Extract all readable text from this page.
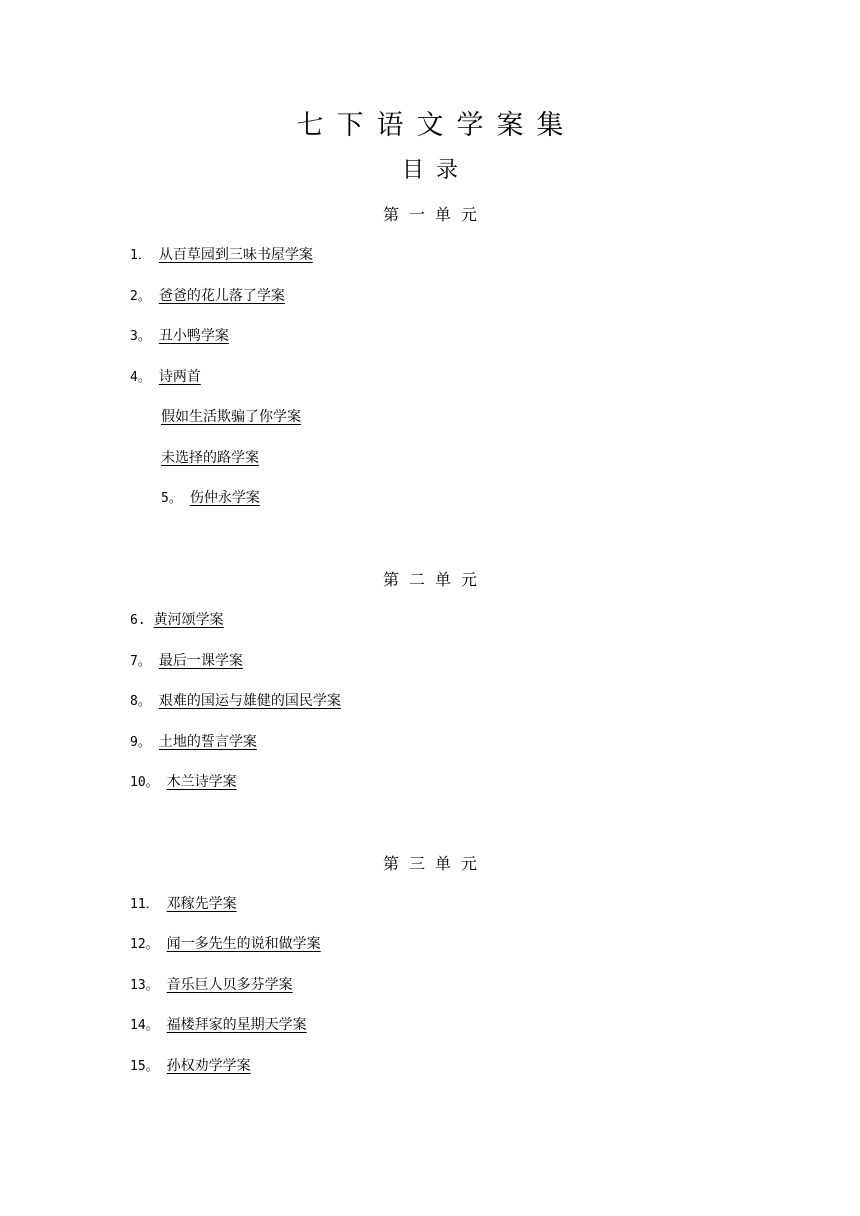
七下语文学案集
目录
第一单元
1． 从百草园到三味书屋学案
2。 爸爸的花儿落了学案
3。 丑小鸭学案
4。 诗两首
假如生活欺骗了你学案
未选择的路学案
5。 伤仲永学案
第二单元
6. 黄河颂学案
7。 最后一课学案
8。 艰难的国运与雄健的国民学案
9。 土地的誓言学案
10。 木兰诗学案
第三单元
11． 邓稼先学案
12。 闻一多先生的说和做学案
13。 音乐巨人贝多芬学案
14。 福楼拜家的星期天学案
15。 孙权劝学学案
